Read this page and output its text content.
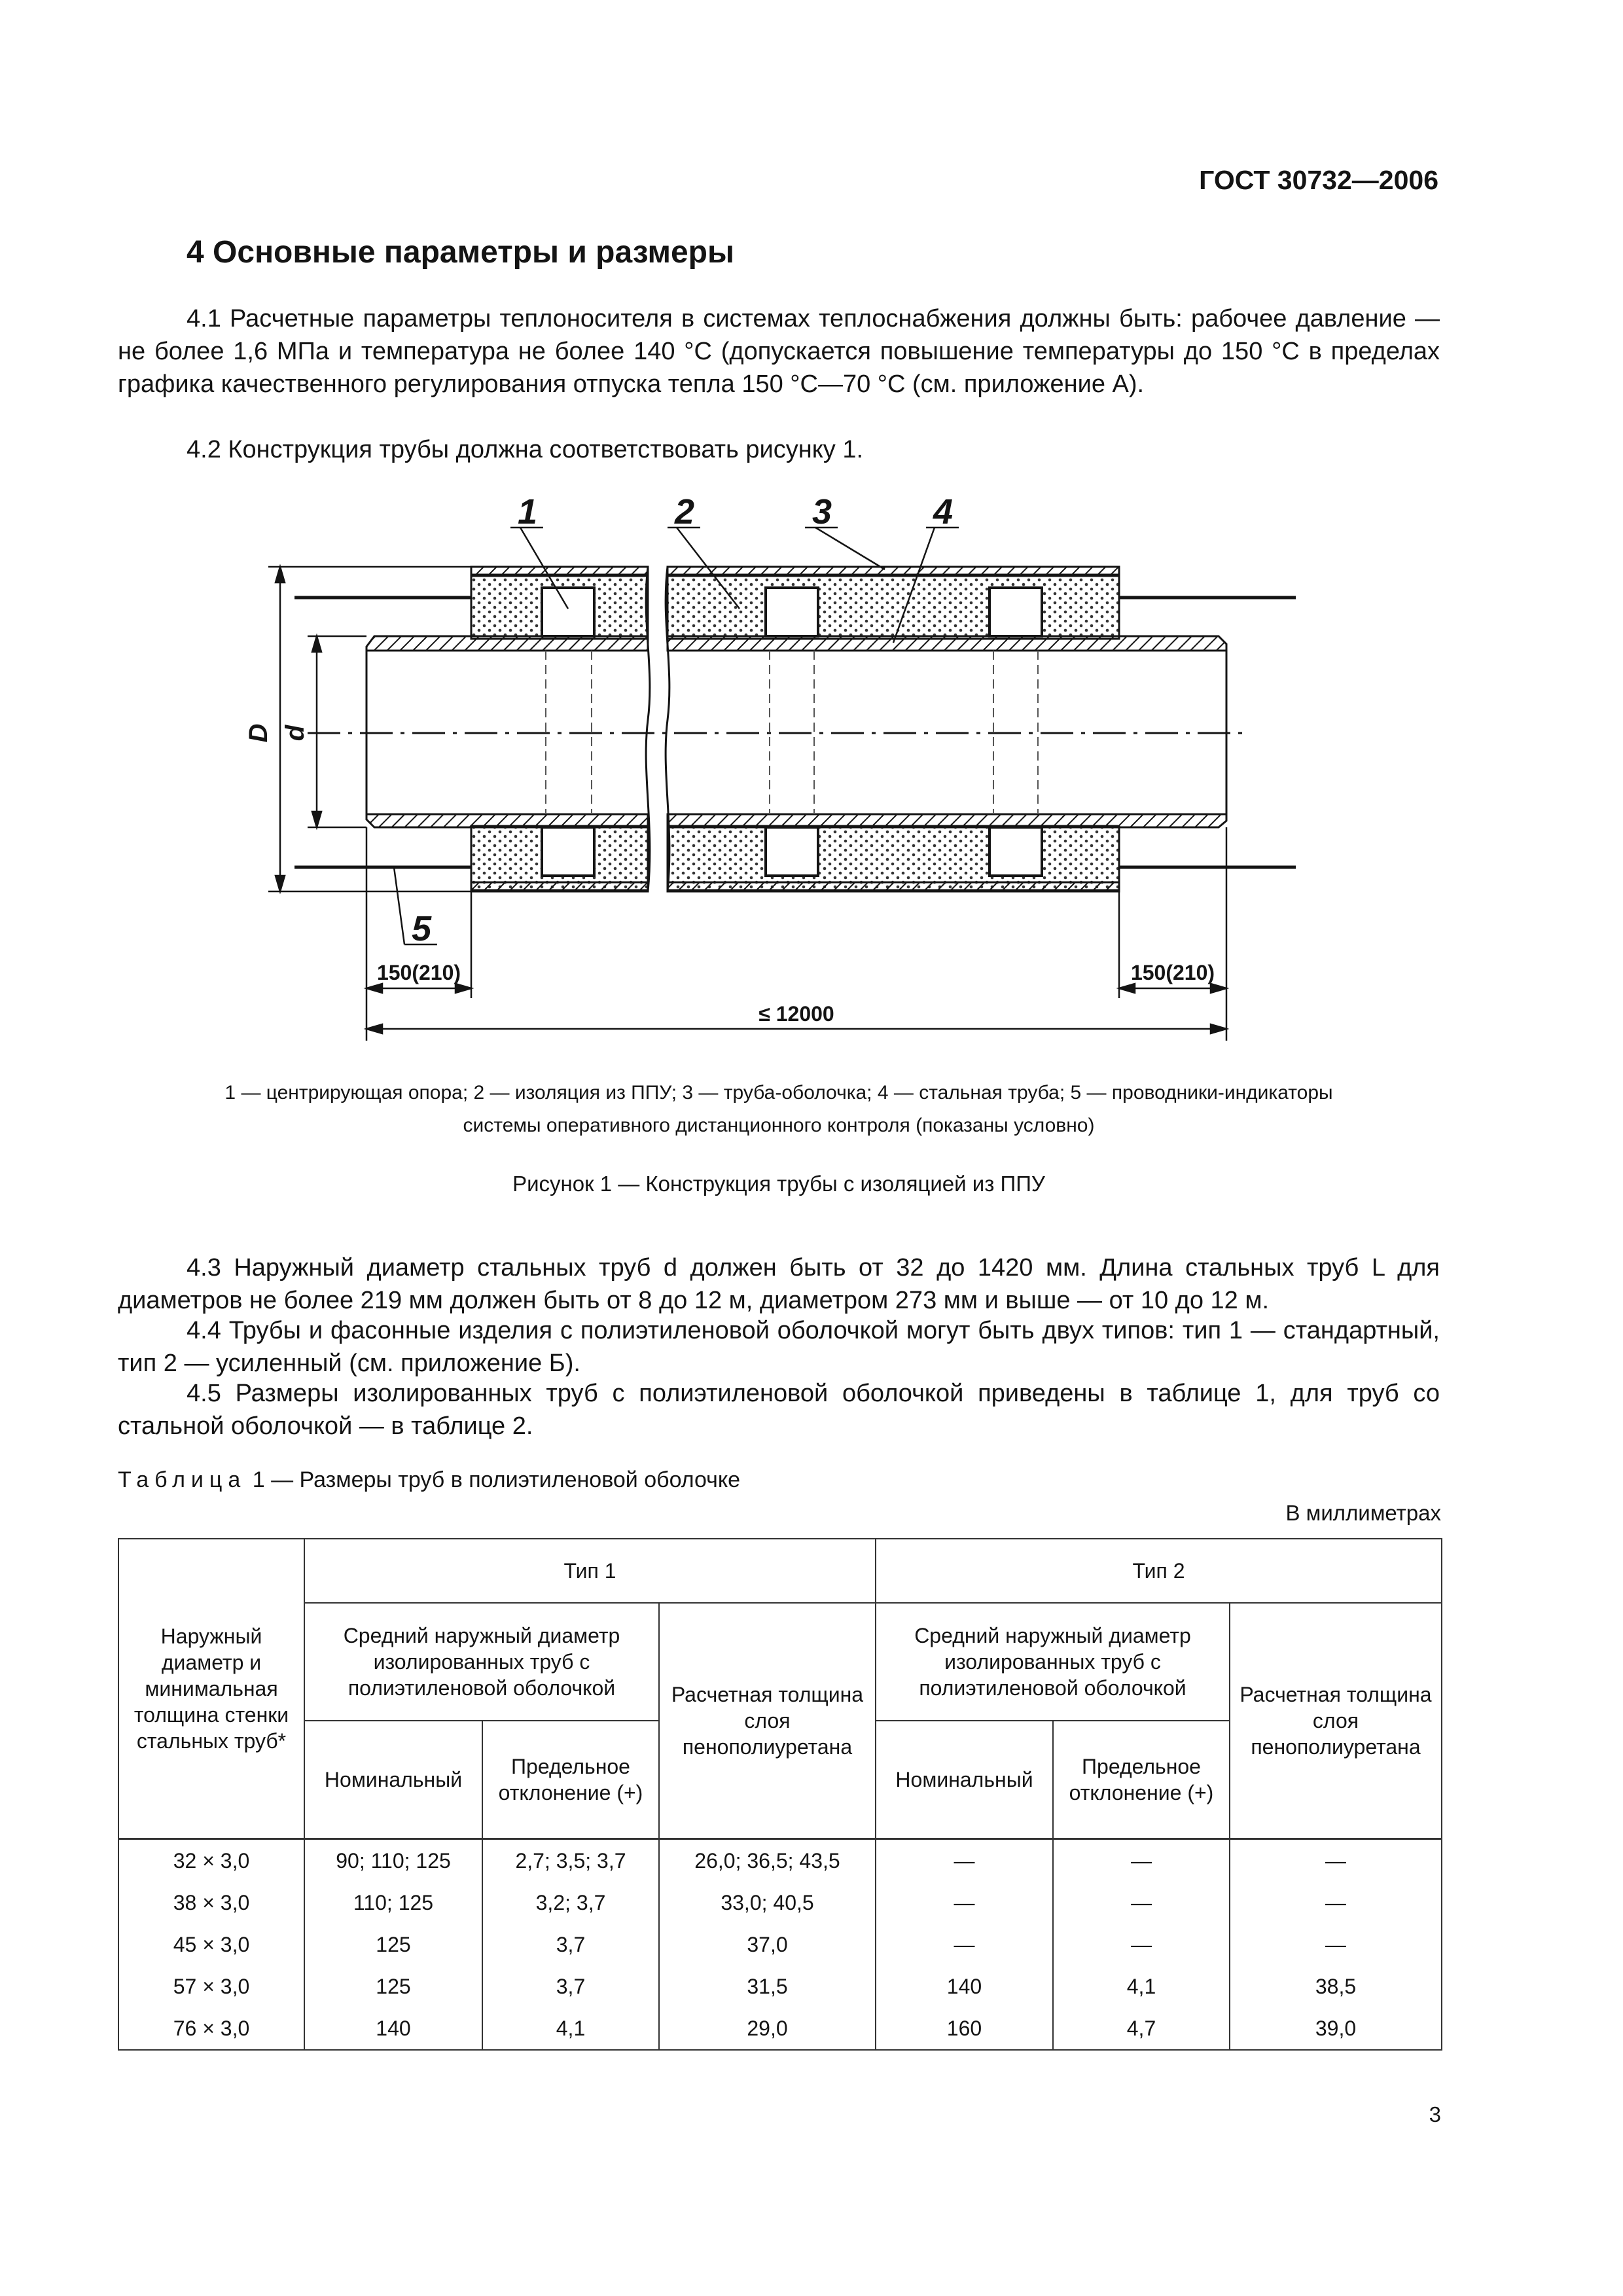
ГОСТ 30732—2006
4 Основные параметры и размеры
4.1 Расчетные параметры теплоносителя в системах теплоснабжения должны быть: рабочее давление — не более 1,6 МПа и температура не более 140 °С (допускается повышение температуры до 150 °С в пределах графика качественного регулирования отпуска тепла 150 °С—70 °С (см. приложение А).
4.2 Конструкция трубы должна соответствовать рисунку 1.
D d
1	2	3	4
5
150(210)	150(210)
≤ 12000
1 — центрирующая опора; 2 — изоляция из ППУ; 3 — труба-оболочка; 4 — стальная труба; 5 — проводники-индикаторы
системы оперативного дистанционного контроля (показаны условно)
Рисунок 1 — Конструкция трубы с изоляцией из ППУ
4.3 Наружный диаметр стальных труб d должен быть от 32 до 1420 мм. Длина стальных труб L для диаметров не более 219 мм должен быть от 8 до 12 м, диаметром 273 мм и выше — от 10 до 12 м.
4.4 Трубы и фасонные изделия с полиэтиленовой оболочкой могут быть двух типов: тип 1 — стандартный, тип 2 — усиленный (см. приложение Б).
4.5 Размеры изолированных труб с полиэтиленовой оболочкой приведены в таблице 1, для труб со стальной оболочкой — в таблице 2.
Таблица 1 — Размеры труб в полиэтиленовой оболочке
В миллиметрах
Наружный диаметр и минимальная толщина стенки стальных труб*	Тип 1			Тип 2		
	Средний наружный диаметр изолированных труб с полиэтиленовой оболочкой		Расчетная толщина слоя пенополиуретана	Средний наружный диаметр изолированных труб с полиэтиленовой оболочкой		Расчетная толщина слоя пенополиуретана
	Номинальный	Предельное отклонение (+)		Номинальный	Предельное отклонение (+)	
32 × 3,0	90; 110; 125	2,7; 3,5; 3,7	26,0; 36,5; 43,5	—	—	—
38 × 3,0	110; 125	3,2; 3,7	33,0; 40,5	—	—	—
45 × 3,0	125	3,7	37,0	—	—	—
57 × 3,0	125	3,7	31,5	140	4,1	38,5
76 × 3,0	140	4,1	29,0	160	4,7	39,0
3
